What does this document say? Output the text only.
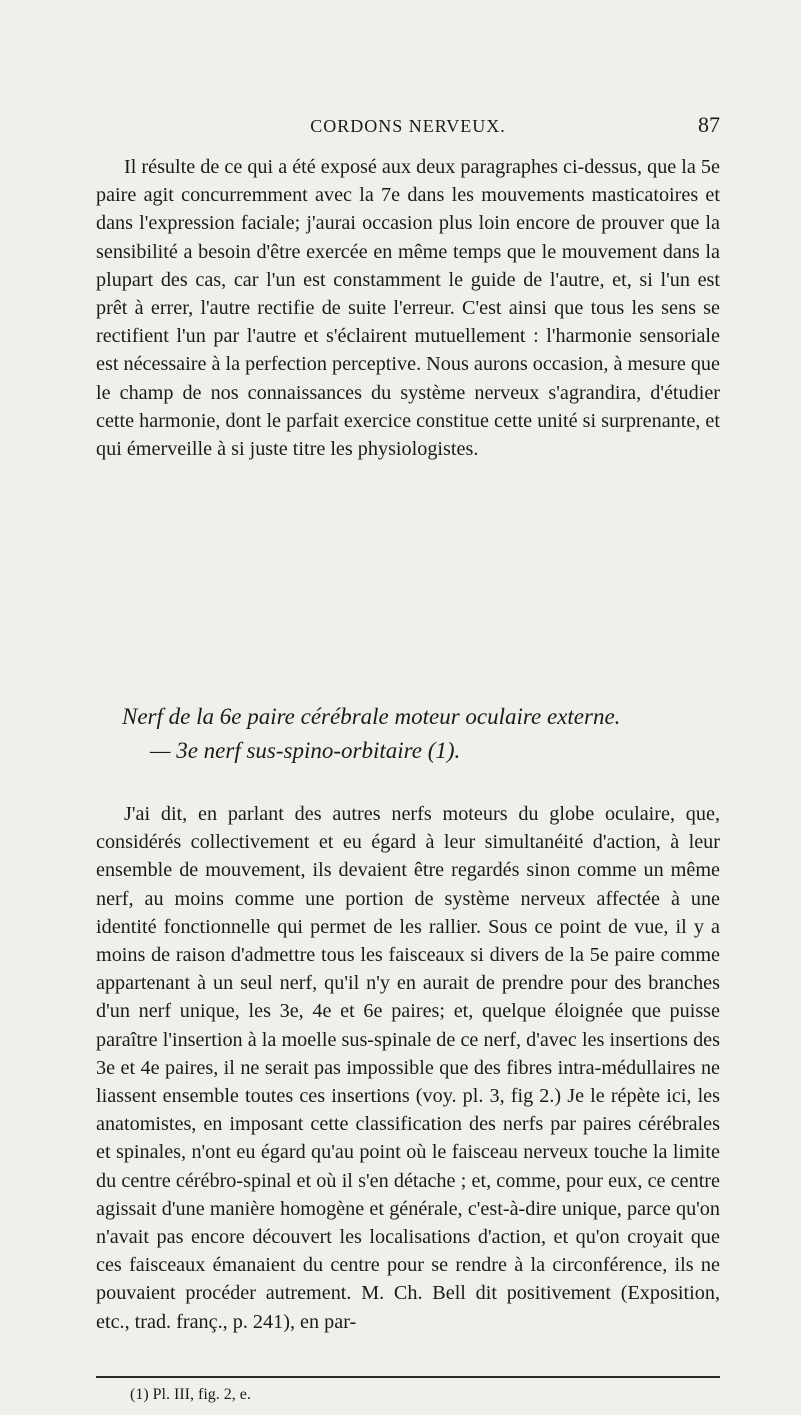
CORDONS NERVEUX.	87

Il résulte de ce qui a été exposé aux deux paragraphes ci-dessus, que la 5e paire agit concurremment avec la 7e dans les mouvements masticatoires et dans l'expression faciale; j'aurai occasion plus loin encore de prouver que la sensibilité a besoin d'être exercée en même temps que le mouvement dans la plupart des cas, car l'un est constamment le guide de l'autre, et, si l'un est prêt à errer, l'autre rectifie de suite l'erreur. C'est ainsi que tous les sens se rectifient l'un par l'autre et s'éclairent mutuellement : l'harmonie sensoriale est nécessaire à la perfection perceptive. Nous aurons occasion, à mesure que le champ de nos connaissances du système nerveux s'agrandira, d'étudier cette harmonie, dont le parfait exercice constitue cette unité si surprenante, et qui émerveille à si juste titre les physiologistes.

Nerf de la 6e paire cérébrale moteur oculaire externe.
— 3e nerf sus-spino-orbitaire (1).

J'ai dit, en parlant des autres nerfs moteurs du globe oculaire, que, considérés collectivement et eu égard à leur simultanéité d'action, à leur ensemble de mouvement, ils devaient être regardés sinon comme un même nerf, au moins comme une portion de système nerveux affectée à une identité fonctionnelle qui permet de les rallier. Sous ce point de vue, il y a moins de raison d'admettre tous les faisceaux si divers de la 5e paire comme appartenant à un seul nerf, qu'il n'y en aurait de prendre pour des branches d'un nerf unique, les 3e, 4e et 6e paires; et, quelque éloignée que puisse paraître l'insertion à la moelle sus-spinale de ce nerf, d'avec les insertions des 3e et 4e paires, il ne serait pas impossible que des fibres intra-médullaires ne liassent ensemble toutes ces insertions (voy. pl. 3, fig 2.) Je le répète ici, les anatomistes, en imposant cette classification des nerfs par paires cérébrales et spinales, n'ont eu égard qu'au point où le faisceau nerveux touche la limite du centre cérébro-spinal et où il s'en détache ; et, comme, pour eux, ce centre agissait d'une manière homogène et générale, c'est-à-dire unique, parce qu'on n'avait pas encore découvert les localisations d'action, et qu'on croyait que ces faisceaux émanaient du centre pour se rendre à la circonférence, ils ne pouvaient procéder autrement. M. Ch. Bell dit positivement (Exposition, etc., trad. franç., p. 241), en par-

(1) Pl. III, fig. 2, e.
